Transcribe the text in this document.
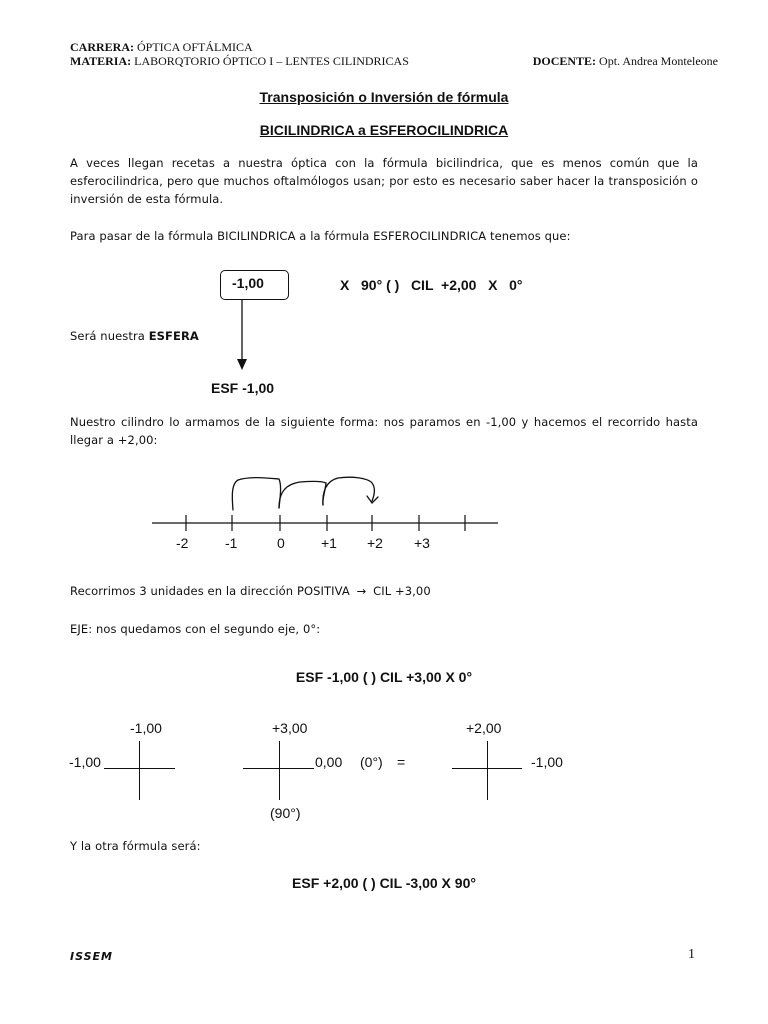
CARRERA: ÓPTICA OFTÁLMICA
MATERIA: LABORQTORIO ÓPTICO I – LENTES CILINDRICAS	DOCENTE: Opt. Andrea Monteleone
Transposición o Inversión de fórmula
BICILINDRICA a ESFEROCILINDRICA
A veces llegan recetas a nuestra óptica con la fórmula bicilindrica, que es menos común que la esferocilindrica, pero que muchos oftalmólogos usan; por esto es necesario saber hacer la transposición o inversión de esta fórmula.
Para pasar de la fórmula BICILINDRICA a la fórmula ESFEROCILINDRICA tenemos que:
-1,00	X   90° ( )   CIL  +2,00   X   0°
Será nuestra ESFERA
ESF -1,00
Nuestro cilindro lo armamos de la siguiente forma: nos paramos en -1,00 y hacemos el recorrido hasta llegar a +2,00:
-2	-1	0	+1 +2 +3
Recorrimos 3 unidades en la dirección POSITIVA → CIL +3,00
EJE: nos quedamos con el segundo eje, 0°:
ESF -1,00 ( ) CIL +3,00 X 0°
-1,00
-1,00
+3,00
0,00 (0°) =
(90°)
+2,00
-1,00
Y la otra fórmula será:
ESF +2,00 ( ) CIL -3,00 X 90°
ISSEM	1
